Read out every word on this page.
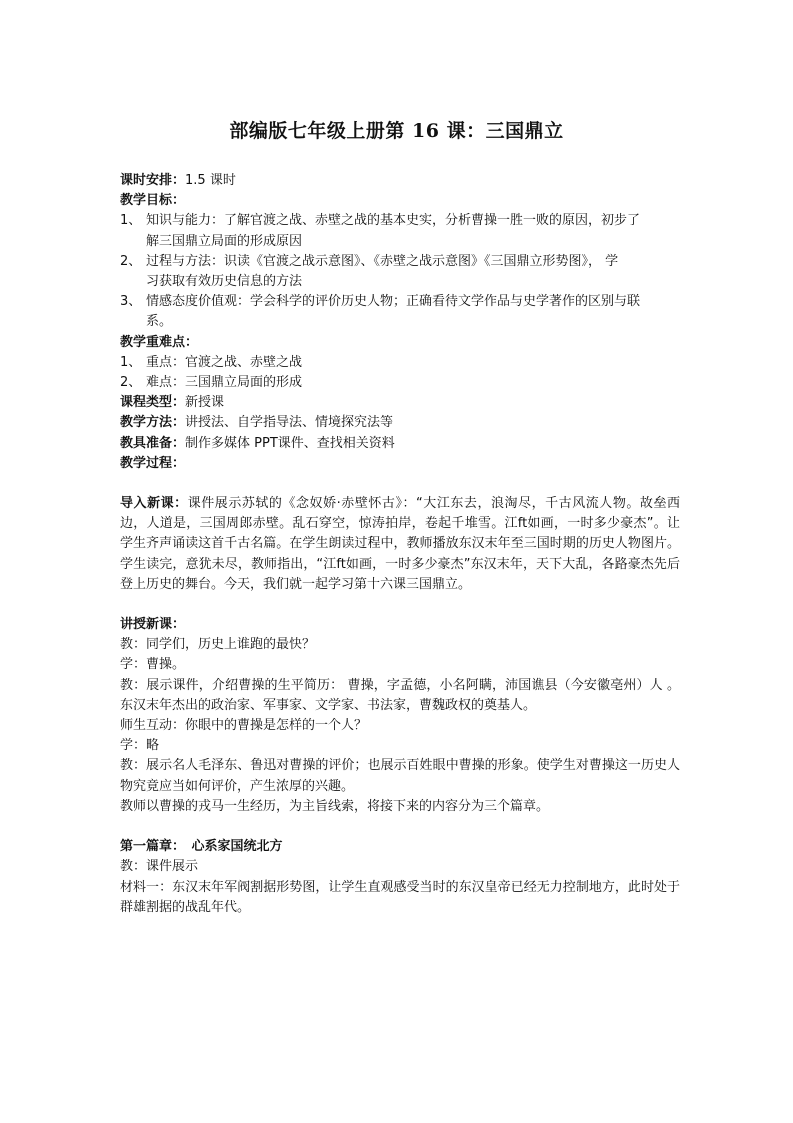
部编版七年级上册第 16 课：三国鼎立
课时安排：1.5 课时
教学目标：
1、 知识与能力：了解官渡之战、赤壁之战的基本史实，分析曹操一胜一败的原因，初步了
解三国鼎立局面的形成原因
2、 过程与方法：识读《官渡之战示意图》、《赤壁之战示意图》《三国鼎立形势图》， 学
习获取有效历史信息的方法
3、 情感态度价值观：学会科学的评价历史人物；正确看待文学作品与史学著作的区别与联
系。
教学重难点：
1、 重点：官渡之战、赤壁之战
2、 难点：三国鼎立局面的形成
课程类型：新授课
教学方法：讲授法、自学指导法、情境探究法等
教具准备：制作多媒体 PPT课件、查找相关资料
教学过程：
导入新课：课件展示苏轼的《念奴娇·赤壁怀古》：“大江东去，浪淘尽，千古风流人物。故垒西边，人道是，三国周郎赤壁。乱石穿空，惊涛拍岸，卷起千堆雪。江ft如画，一时多少豪杰”。让学生齐声诵读这首千古名篇。在学生朗读过程中，教师播放东汉末年至三国时期的历史人物图片。学生读完，意犹未尽，教师指出，“江ft如画，一时多少豪杰”东汉末年，天下大乱，各路豪杰先后登上历史的舞台。今天，我们就一起学习第十六课三国鼎立。
讲授新课：
教：同学们，历史上谁跑的最快？
学：曹操。
教：展示课件，介绍曹操的生平简历： 曹操，字孟德，小名阿瞒，沛国谯县（今安徽亳州）人 。东汉末年杰出的政治家、军事家、文学家、书法家，曹魏政权的奠基人。
师生互动：你眼中的曹操是怎样的一个人？
学：略
教：展示名人毛泽东、鲁迅对曹操的评价；也展示百姓眼中曹操的形象。使学生对曹操这一历史人物究竟应当如何评价，产生浓厚的兴趣。
教师以曹操的戎马一生经历，为主旨线索，将接下来的内容分为三个篇章。
第一篇章：　心系家国统北方
教：课件展示
材料一：东汉末年军阀割据形势图，让学生直观感受当时的东汉皇帝已经无力控制地方，此时处于群雄割据的战乱年代。
